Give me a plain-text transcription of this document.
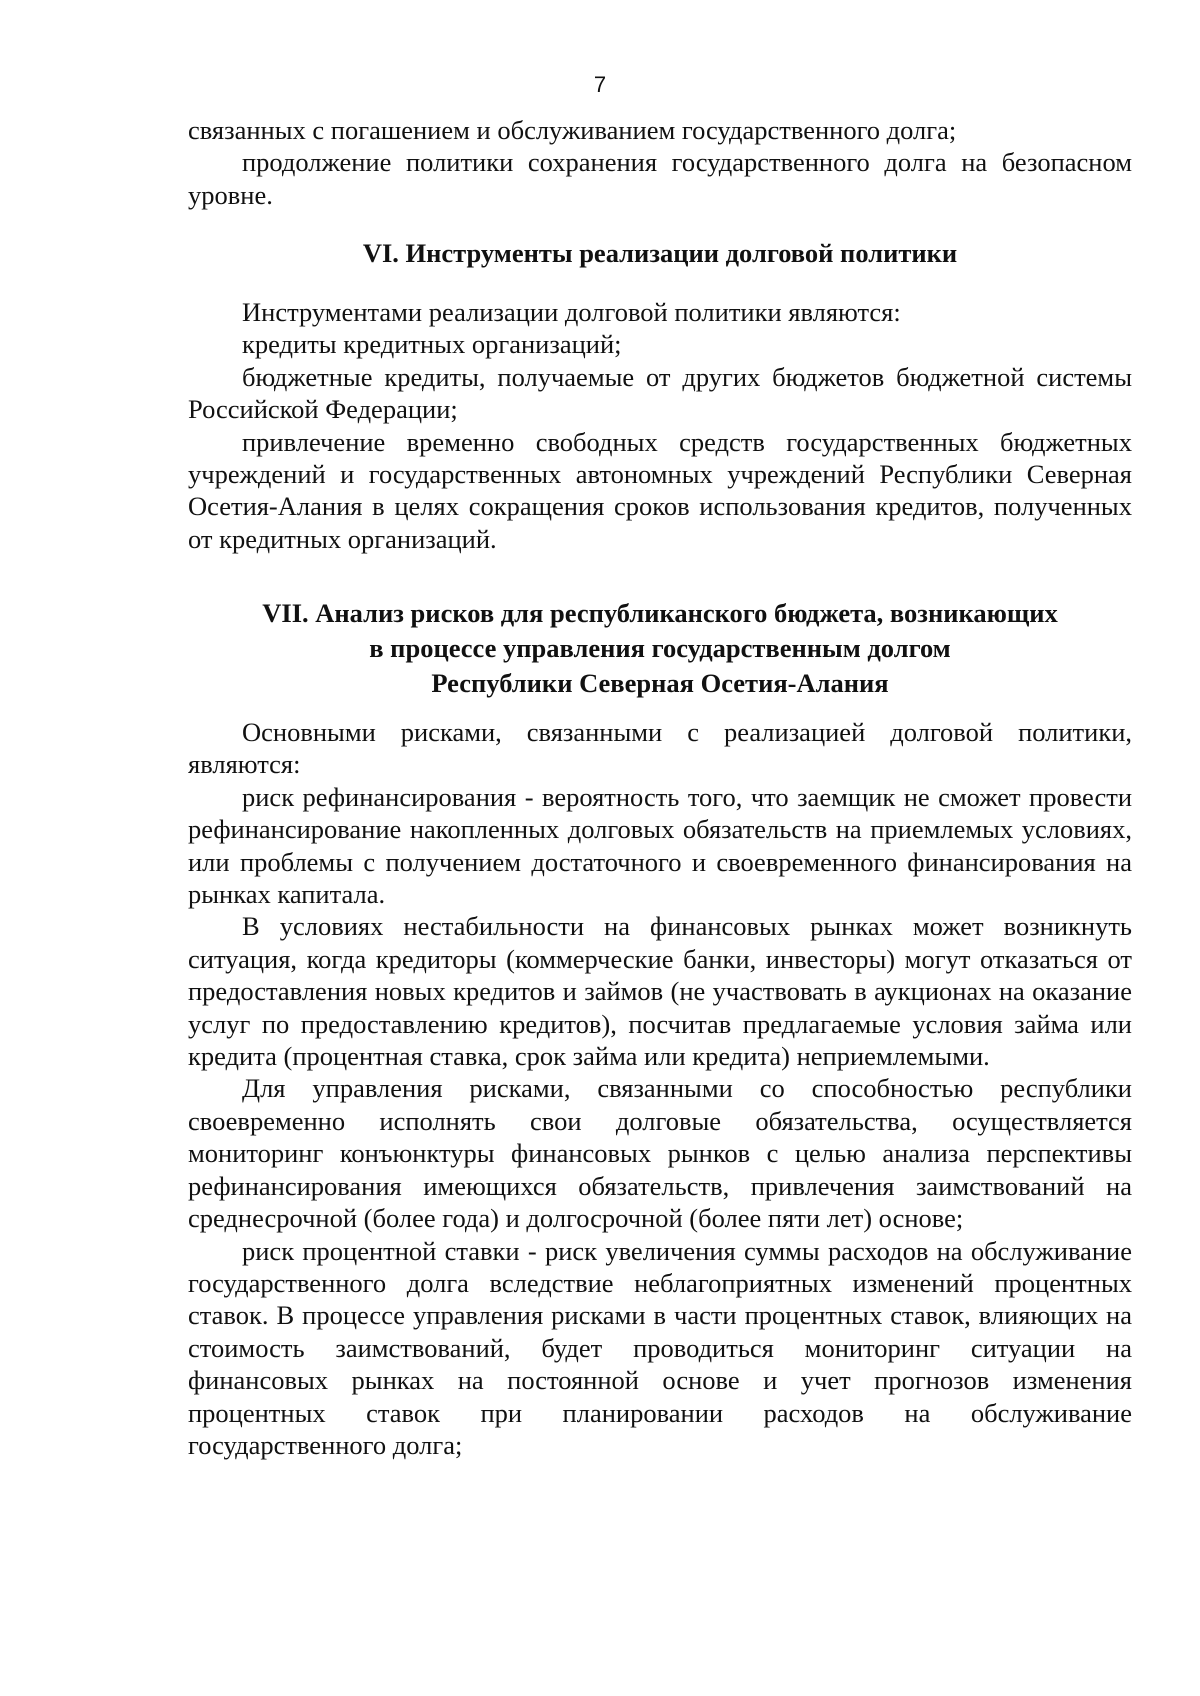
7

связанных с погашением и обслуживанием государственного долга;

продолжение политики сохранения государственного долга на безопасном уровне.

VI. Инструменты реализации долговой политики

Инструментами реализации долговой политики являются:

кредиты кредитных организаций;

бюджетные кредиты, получаемые от других бюджетов бюджетной системы Российской Федерации;

привлечение временно свободных средств государственных бюджетных учреждений и государственных автономных учреждений Республики Северная Осетия-Алания в целях сокращения сроков использования кредитов, полученных от кредитных организаций.

VII. Анализ рисков для республиканского бюджета, возникающих
в процессе управления государственным долгом
Республики Северная Осетия-Алания

Основными рисками, связанными с реализацией долговой политики, являются:

риск рефинансирования - вероятность того, что заемщик не сможет провести рефинансирование накопленных долговых обязательств на приемлемых условиях, или проблемы с получением достаточного и своевременного финансирования на рынках капитала.

В условиях нестабильности на финансовых рынках может возникнуть ситуация, когда кредиторы (коммерческие банки, инвесторы) могут отказаться от предоставления новых кредитов и займов (не участвовать в аукционах на оказание услуг по предоставлению кредитов), посчитав предлагаемые условия займа или кредита (процентная ставка, срок займа или кредита) неприемлемыми.

Для управления рисками, связанными со способностью республики своевременно исполнять свои долговые обязательства, осуществляется мониторинг конъюнктуры финансовых рынков с целью анализа перспективы рефинансирования имеющихся обязательств, привлечения заимствований на среднесрочной (более года) и долгосрочной (более пяти лет) основе;

риск процентной ставки - риск увеличения суммы расходов на обслуживание государственного долга вследствие неблагоприятных изменений процентных ставок. В процессе управления рисками в части процентных ставок, влияющих на стоимость заимствований, будет проводиться мониторинг ситуации на финансовых рынках на постоянной основе и учет прогнозов изменения процентных ставок при планировании расходов на обслуживание государственного долга;
